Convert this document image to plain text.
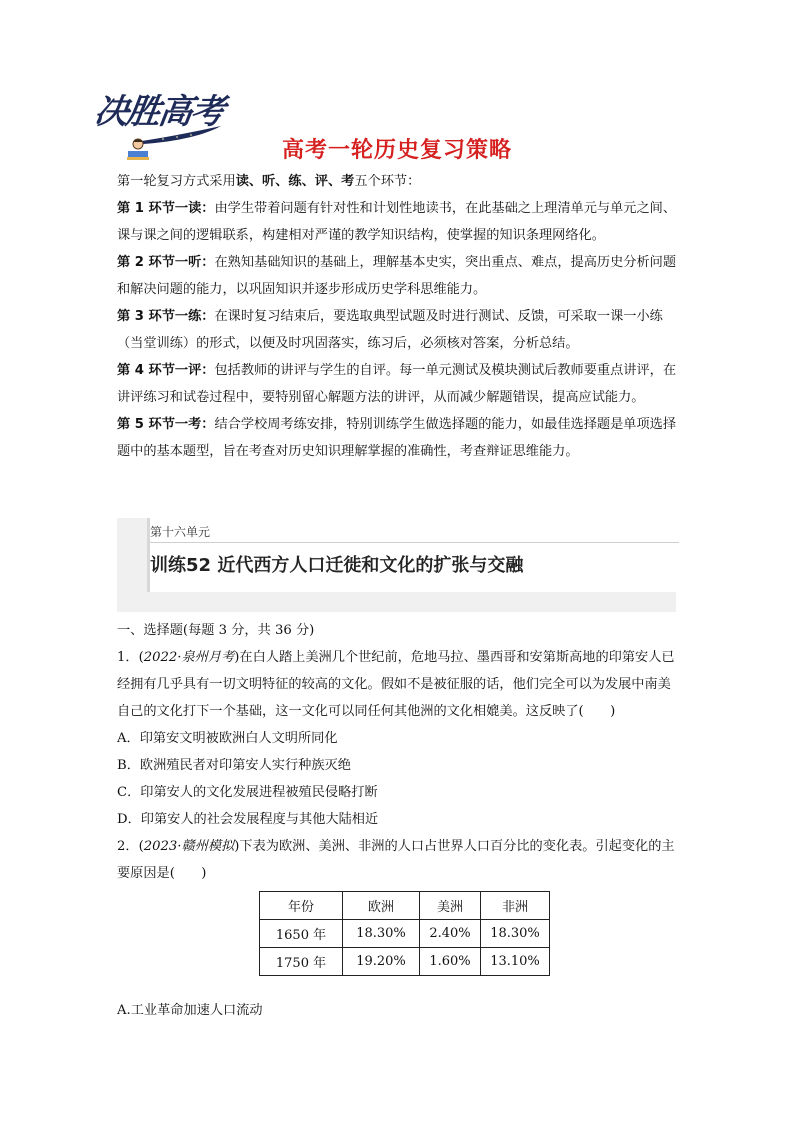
决胜高考
高考一轮历史复习策略

第一轮复习方式采用读、听、练、评、考五个环节：

第 1 环节一读：由学生带着问题有针对性和计划性地读书，在此基础之上理清单元与单元之间、课与课之间的逻辑联系，构建相对严谨的教学知识结构，使掌握的知识条理网络化。

第 2 环节一听：在熟知基础知识的基础上，理解基本史实，突出重点、难点，提高历史分析问题和解决问题的能力，以巩固知识并逐步形成历史学科思维能力。

第 3 环节一练：在课时复习结束后，要选取典型试题及时进行测试、反馈，可采取一课一小练（当堂训练）的形式，以便及时巩固落实，练习后，必须核对答案，分析总结。

第 4 环节一评：包括教师的讲评与学生的自评。每一单元测试及模块测试后教师要重点讲评，在讲评练习和试卷过程中，要特别留心解题方法的讲评，从而减少解题错误，提高应试能力。

第 5 环节一考：结合学校周考练安排，特别训练学生做选择题的能力，如最佳选择题是单项选择题中的基本题型，旨在考查对历史知识理解掌握的准确性，考查辩证思维能力。

第十六单元
训练52 近代西方人口迁徙和文化的扩张与交融

一、选择题(每题 3 分，共 36 分)

1．(2022·泉州月考)在白人踏上美洲几个世纪前，危地马拉、墨西哥和安第斯高地的印第安人已经拥有几乎具有一切文明特征的较高的文化。假如不是被征服的话，他们完全可以为发展中南美自己的文化打下一个基础，这一文化可以同任何其他洲的文化相媲美。这反映了(　　)

A．印第安文明被欧洲白人文明所同化

B．欧洲殖民者对印第安人实行种族灭绝

C．印第安人的文化发展进程被殖民侵略打断

D．印第安人的社会发展程度与其他大陆相近

2．(2023·赣州模拟)下表为欧洲、美洲、非洲的人口占世界人口百分比的变化表。引起变化的主要原因是(　　)

年份	欧洲	美洲	非洲
1650 年	18.30%	2.40%	18.30%
1750 年	19.20%	1.60%	13.10%
A.工业革命加速人口流动
